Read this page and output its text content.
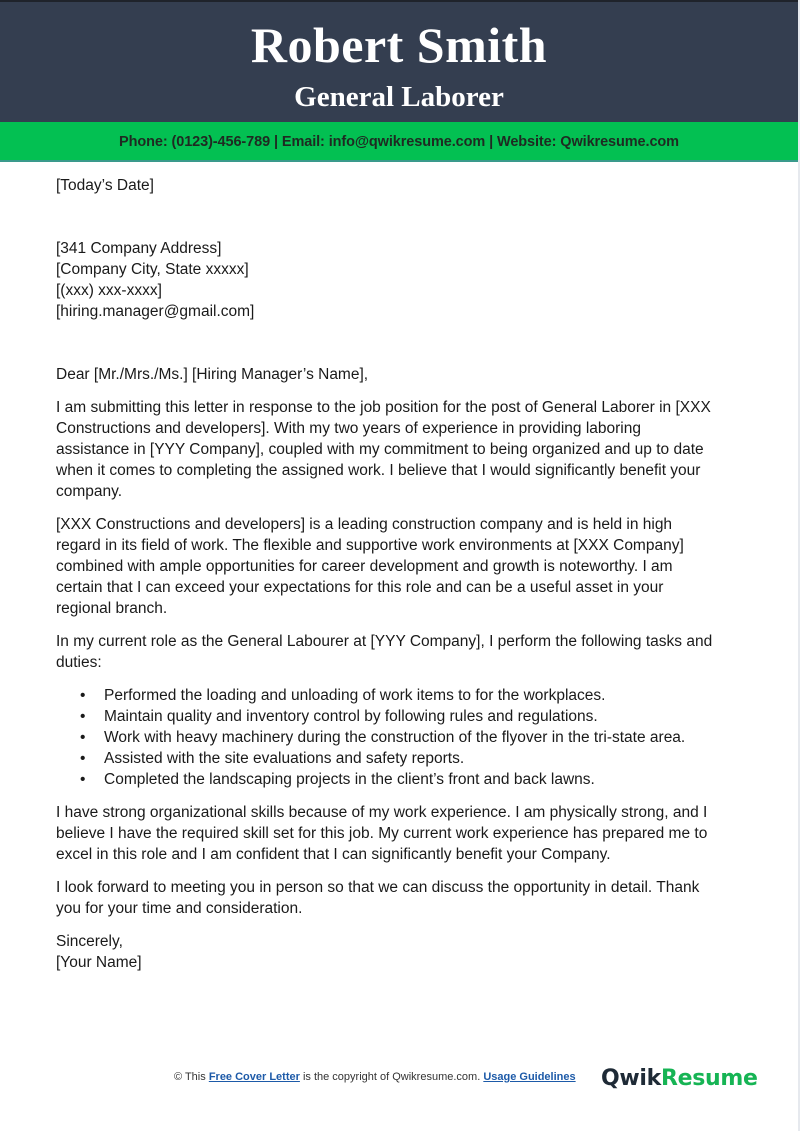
Robert Smith
General Laborer
Phone: (0123)-456-789 | Email: info@qwikresume.com | Website: Qwikresume.com
[Today’s Date]
[341 Company Address]
[Company City, State xxxxx]
[(xxx) xxx-xxxx]
[hiring.manager@gmail.com]
Dear [Mr./Mrs./Ms.] [Hiring Manager’s Name],
I am submitting this letter in response to the job position for the post of General Laborer in [XXX
Constructions and developers]. With my two years of experience in providing laboring
assistance in [YYY Company], coupled with my commitment to being organized and up to date
when it comes to completing the assigned work. I believe that I would significantly benefit your
company.
[XXX Constructions and developers] is a leading construction company and is held in high
regard in its field of work. The flexible and supportive work environments at [XXX Company]
combined with ample opportunities for career development and growth is noteworthy. I am
certain that I can exceed your expectations for this role and can be a useful asset in your
regional branch.
In my current role as the General Labourer at [YYY Company], I perform the following tasks and
duties:
• Performed the loading and unloading of work items to for the workplaces.
• Maintain quality and inventory control by following rules and regulations.
• Work with heavy machinery during the construction of the flyover in the tri-state area.
• Assisted with the site evaluations and safety reports.
• Completed the landscaping projects in the client’s front and back lawns.
I have strong organizational skills because of my work experience. I am physically strong, and I
believe I have the required skill set for this job. My current work experience has prepared me to
excel in this role and I am confident that I can significantly benefit your Company.
I look forward to meeting you in person so that we can discuss the opportunity in detail. Thank
you for your time and consideration.
Sincerely,
[Your Name]
© This Free Cover Letter is the copyright of Qwikresume.com. Usage Guidelines QwikResume
